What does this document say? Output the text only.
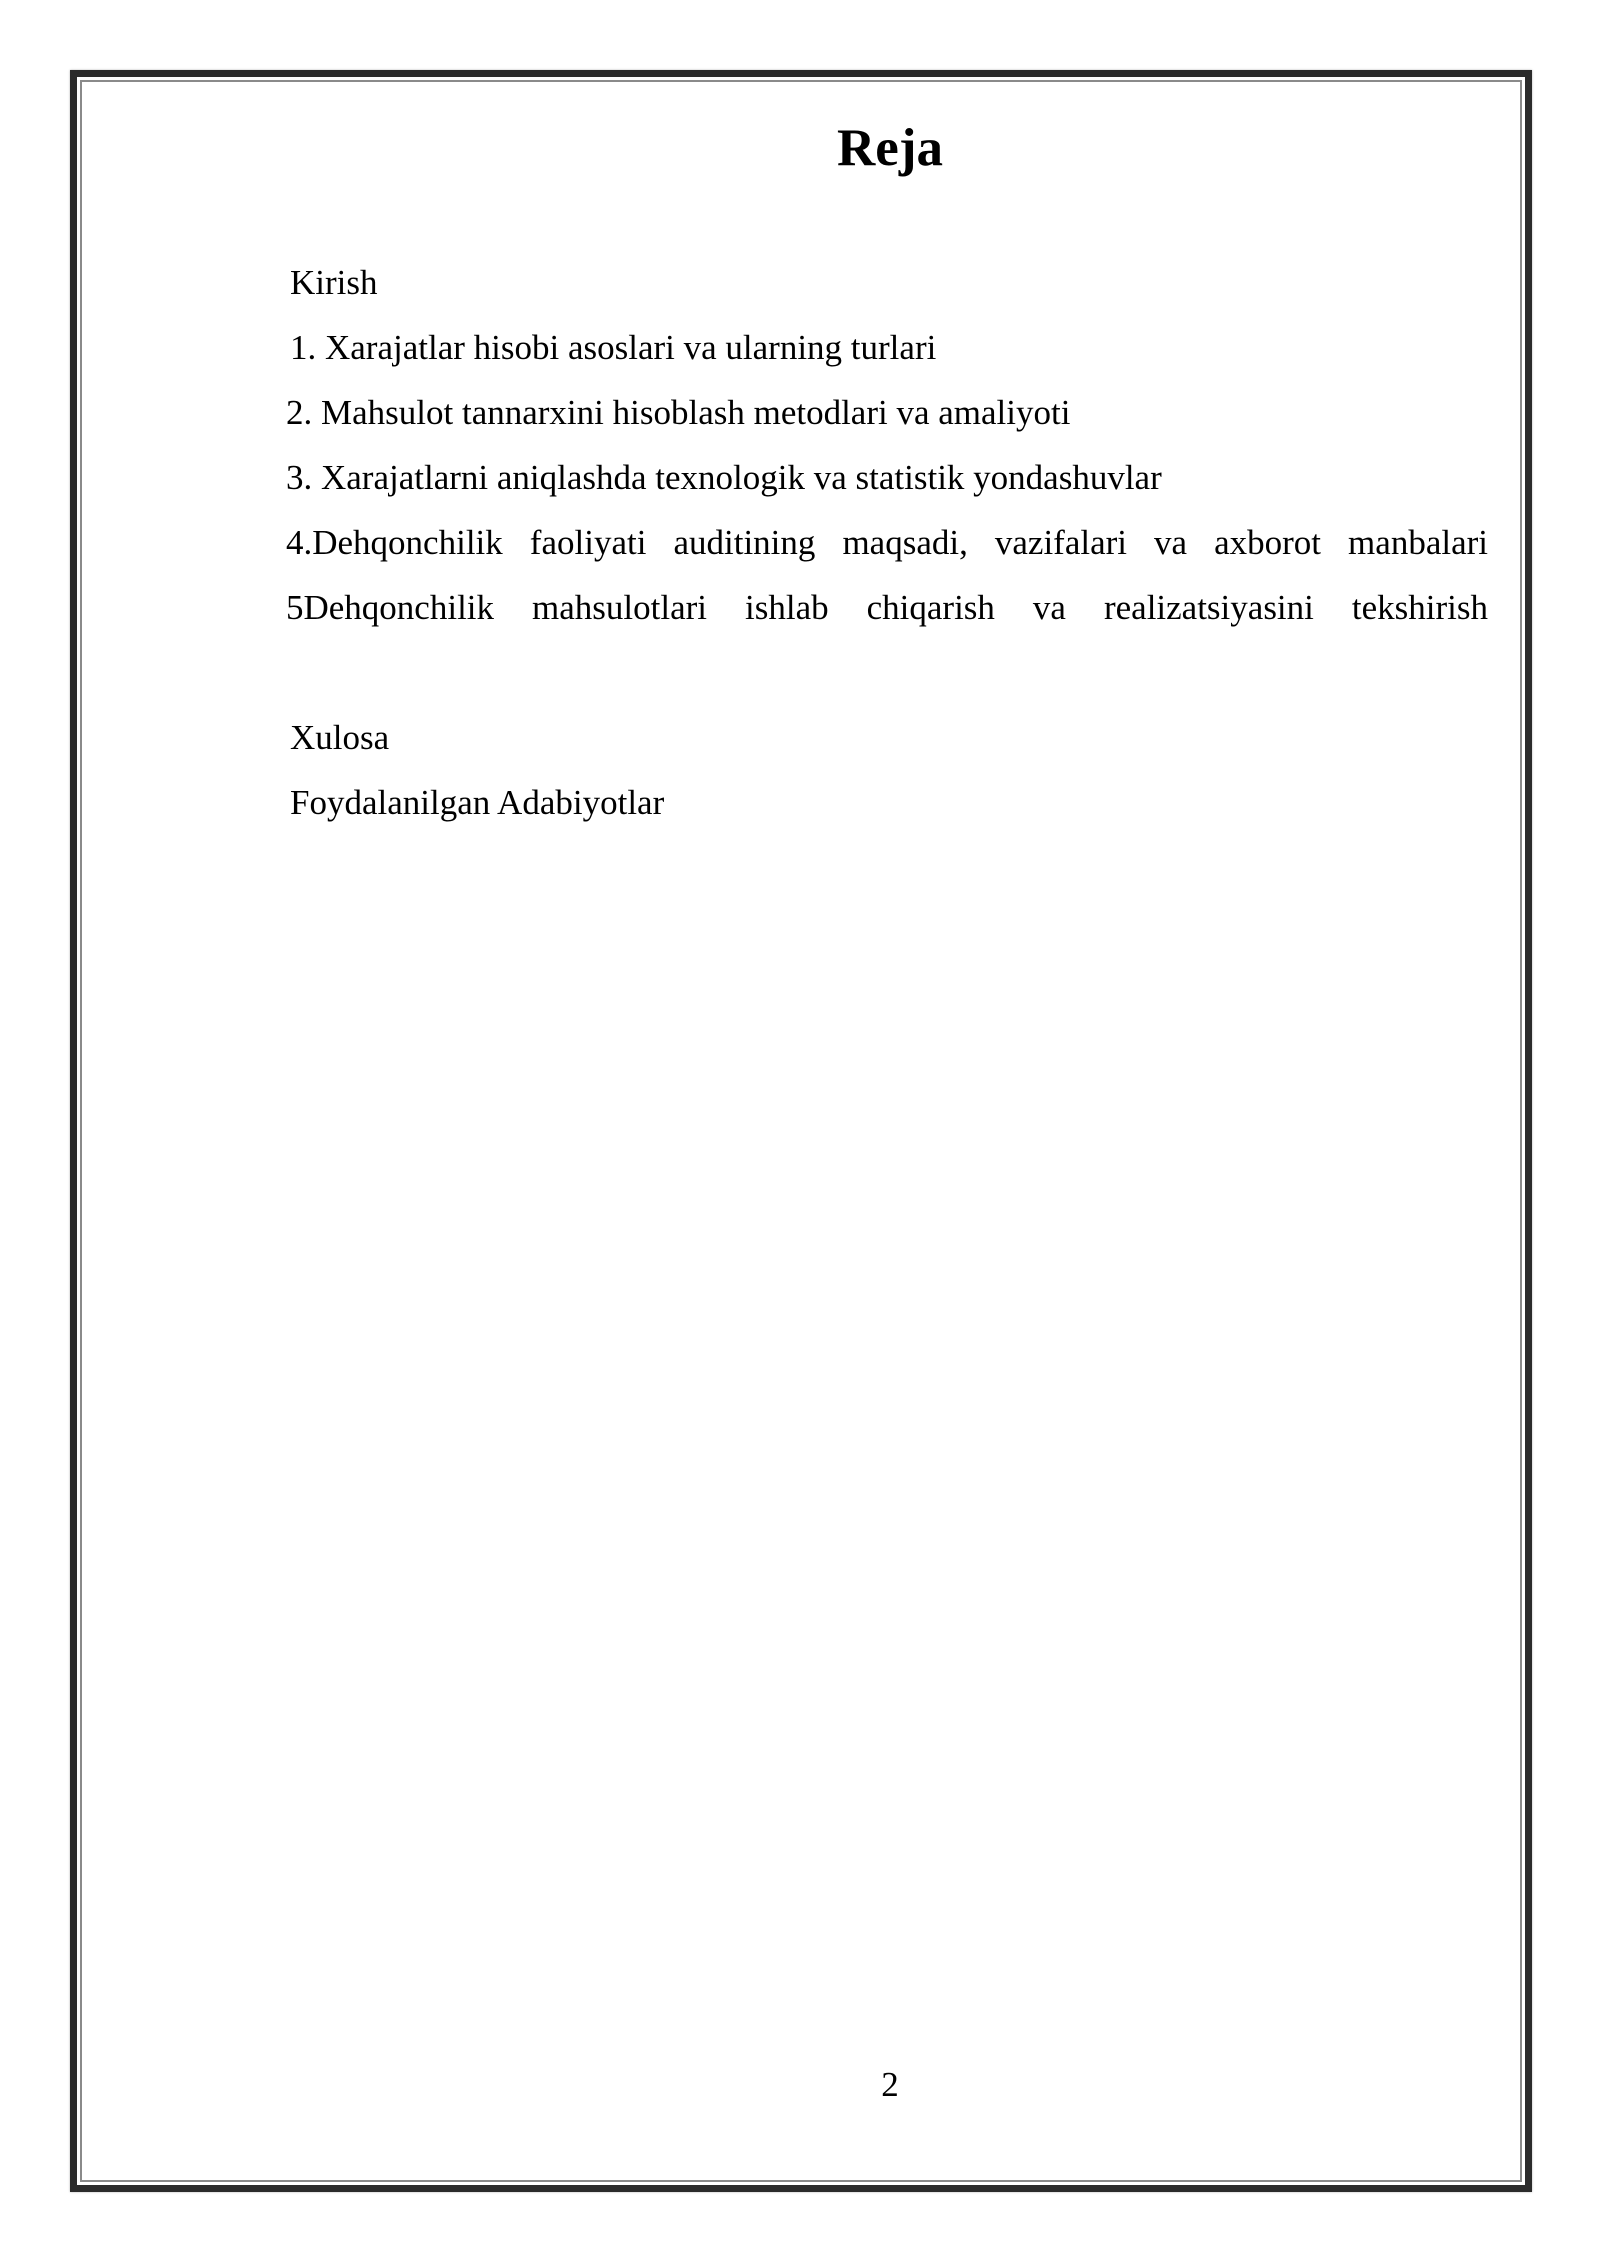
Reja
Kirish
1. Xarajatlar hisobi asoslari va ularning turlari
2. Mahsulot tannarxini hisoblash metodlari va amaliyoti
3. Xarajatlarni aniqlashda texnologik va statistik yondashuvlar
4.Dehqonchilik faoliyati auditining maqsadi, vazifalari va axborot manbalari
5Dehqonchilik mahsulotlari ishlab chiqarish va realizatsiyasini tekshirish
Xulosa
Foydalanilgan Adabiyotlar
2
